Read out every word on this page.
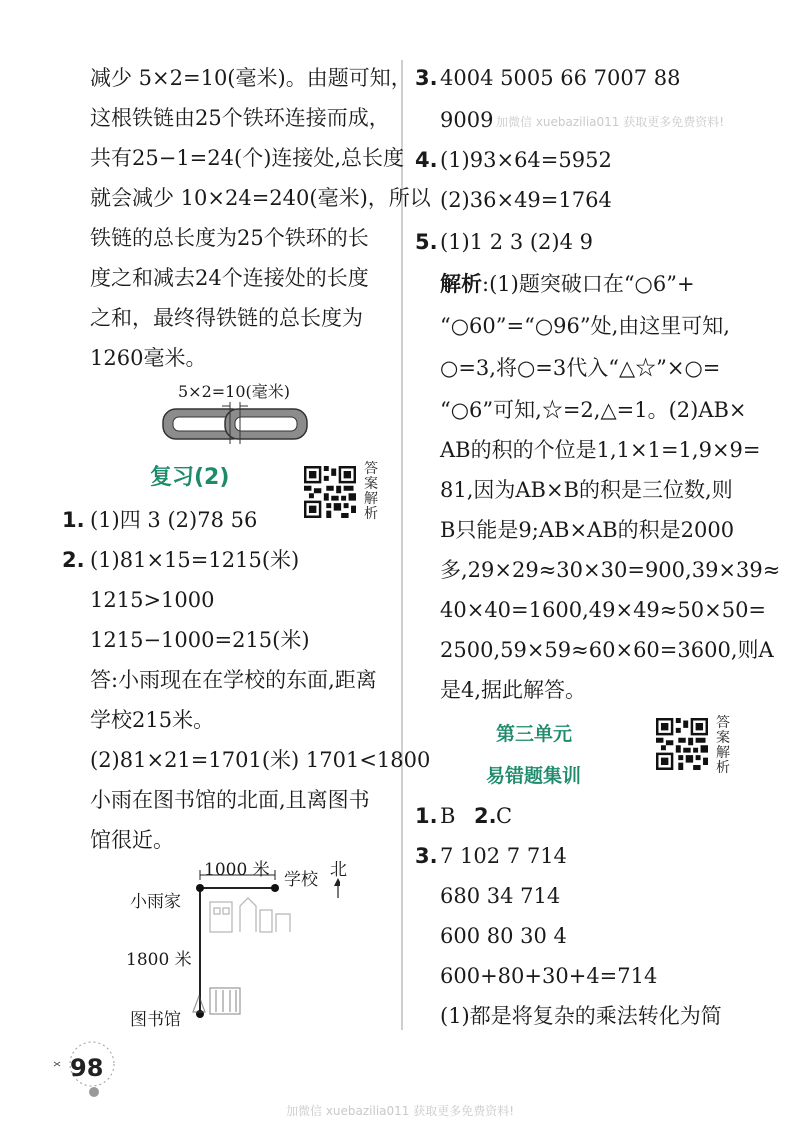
减少 5×2=10(毫米)。由题可知，
这根铁链由25个铁环连接而成，
共有25−1=24(个)连接处,总长度
就会减少 10×24=240(毫米)，所以
铁链的总长度为25个铁环的长
度之和减去24个连接处的长度
之和，最终得铁链的总长度为
1260毫米。
5×2=10(毫米)
复习(2)	答案解析
1. (1)四 3 (2)78 56
2. (1)81×15=1215(米)
1215>1000
1215−1000=215(米)
答:小雨现在在学校的东面,距离
学校215米。
(2)81×21=1701(米) 1701<1800
小雨在图书馆的北面,且离图书
馆很近。
1000 米 学校 北
小雨家
1800 米
图书馆
3. 4004 5005 66 7007 88
9009 加微信 xuebazilia011 获取更多免费资料!
4. (1)93×64=5952
(2)36×49=1764
5. (1)1 2 3 (2)4 9
解析:(1)题突破口在“○6”+
“○60”=“○96”处,由这里可知,
○=3,将○=3代入“△☆”×○=
“○6”可知,☆=2,△=1。(2)AB×
AB的积的个位是1,1×1=1,9×9=
81,因为AB×B的积是三位数,则
B只能是9;AB×AB的积是2000
多,29×29≈30×30=900,39×39≈
40×40=1600,49×49≈50×50=
2500,59×59≈60×60=3600,则A
是4,据此解答。
第三单元
易错题集训
答案解析
1. B 2. C
3. 7 102 7 714
680 34 714
600 80 30 4
600+80+30+4=714
(1)都是将复杂的乘法转化为简
98
加微信 xuebazilia011 获取更多免费资料!
